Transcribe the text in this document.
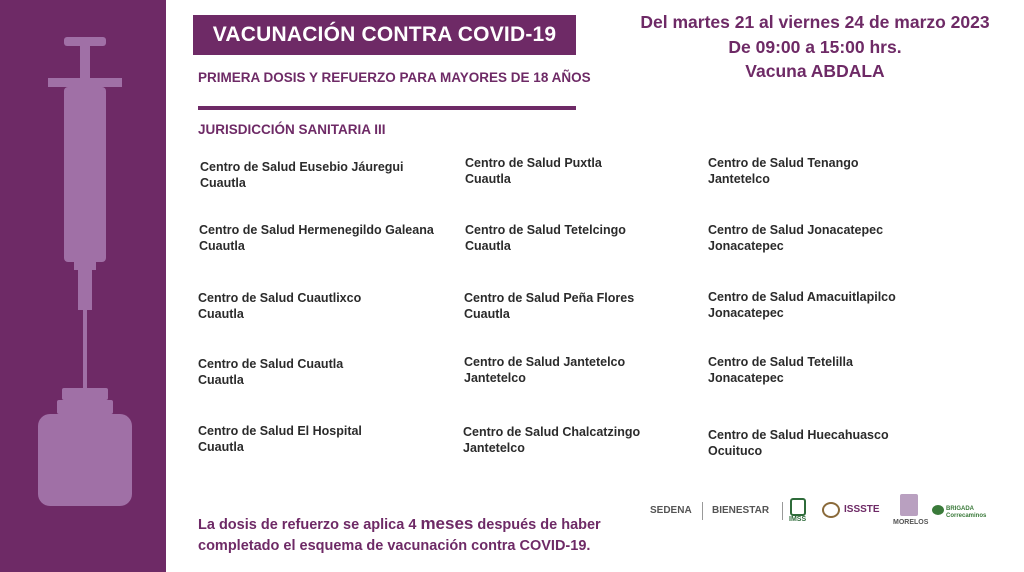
VACUNACIÓN CONTRA COVID-19
PRIMERA DOSIS Y REFUERZO PARA MAYORES DE 18 AÑOS
JURISDICCIÓN SANITARIA III
Del martes 21 al viernes 24 de marzo 2023
De 09:00 a 15:00 hrs.
Vacuna ABDALA
Centro de Salud Eusebio Jáuregui
Cuautla
Centro de Salud Hermenegildo Galeana
Cuautla
Centro de Salud Cuautlixco
Cuautla
Centro de Salud Cuautla
Cuautla
Centro de Salud El Hospital
Cuautla
Centro de Salud Puxtla
Cuautla
Centro de Salud Tetelcingo
Cuautla
Centro de Salud Peña Flores
Cuautla
Centro de Salud Jantetelco
Jantetelco
Centro de Salud Chalcatzingo
Jantetelco
Centro de Salud Tenango
Jantetelco
Centro de Salud Jonacatepec
Jonacatepec
Centro de Salud Amacuitlapilco
Jonacatepec
Centro de Salud Tetelilla
Jonacatepec
Centro de Salud Huecahuasco
Ocuituco
La dosis de refuerzo se aplica 4 meses después de haber
completado el esquema de vacunación contra COVID-19.
SEDENA BIENESTAR
IMSS
ISSSTE
MORELOS
BRIGADA Correcaminos
